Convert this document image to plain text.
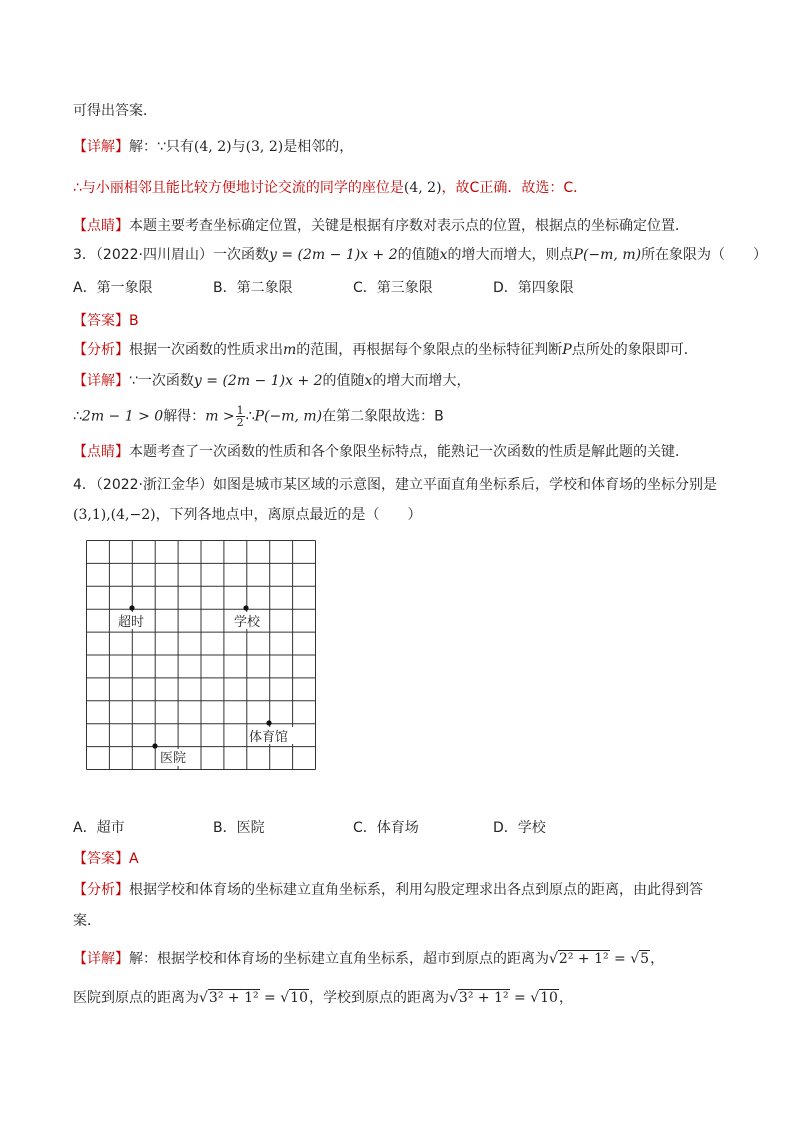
可得出答案．
【详解】解：∵只有(4, 2)与(3, 2)是相邻的，
∴与小丽相邻且能比较方便地讨论交流的同学的座位是(4, 2)，故C正确．故选：C．
【点睛】本题主要考查坐标确定位置，关键是根据有序数对表示点的位置，根据点的坐标确定位置．
3．（2022·四川眉山）一次函数y = (2m − 1)x + 2的值随x的增大而增大，则点P(−m, m)所在象限为（　　）
A．第一象限	B．第二象限	C．第三象限	D．第四象限
【答案】B
【分析】根据一次函数的性质求出m的范围，再根据每个象限点的坐标特征判断P点所处的象限即可．
【详解】∵一次函数y = (2m − 1)x + 2的值随x的增大而增大，
∴2m − 1 > 0解得：$m > \frac{1}{2}$ ∴P(−m, m)在第二象限故选：B
【点睛】本题考查了一次函数的性质和各个象限坐标特点，能熟记一次函数的性质是解此题的关键．
4．（2022·浙江金华）如图是城市某区域的示意图，建立平面直角坐标系后，学校和体育场的坐标分别是
(3,1),(4,−2)，下列各地点中，离原点最近的是（　　）
超时	学校
体育馆
医院
A．超市	B．医院	C．体育场	D．学校
【答案】A
【分析】根据学校和体育场的坐标建立直角坐标系，利用勾股定理求出各点到原点的距离，由此得到答
案．
【详解】解：根据学校和体育场的坐标建立直角坐标系，超市到原点的距离为√2² + 1² = √5，
医院到原点的距离为√3² + 1² = √10，学校到原点的距离为√3² + 1² = √10，
